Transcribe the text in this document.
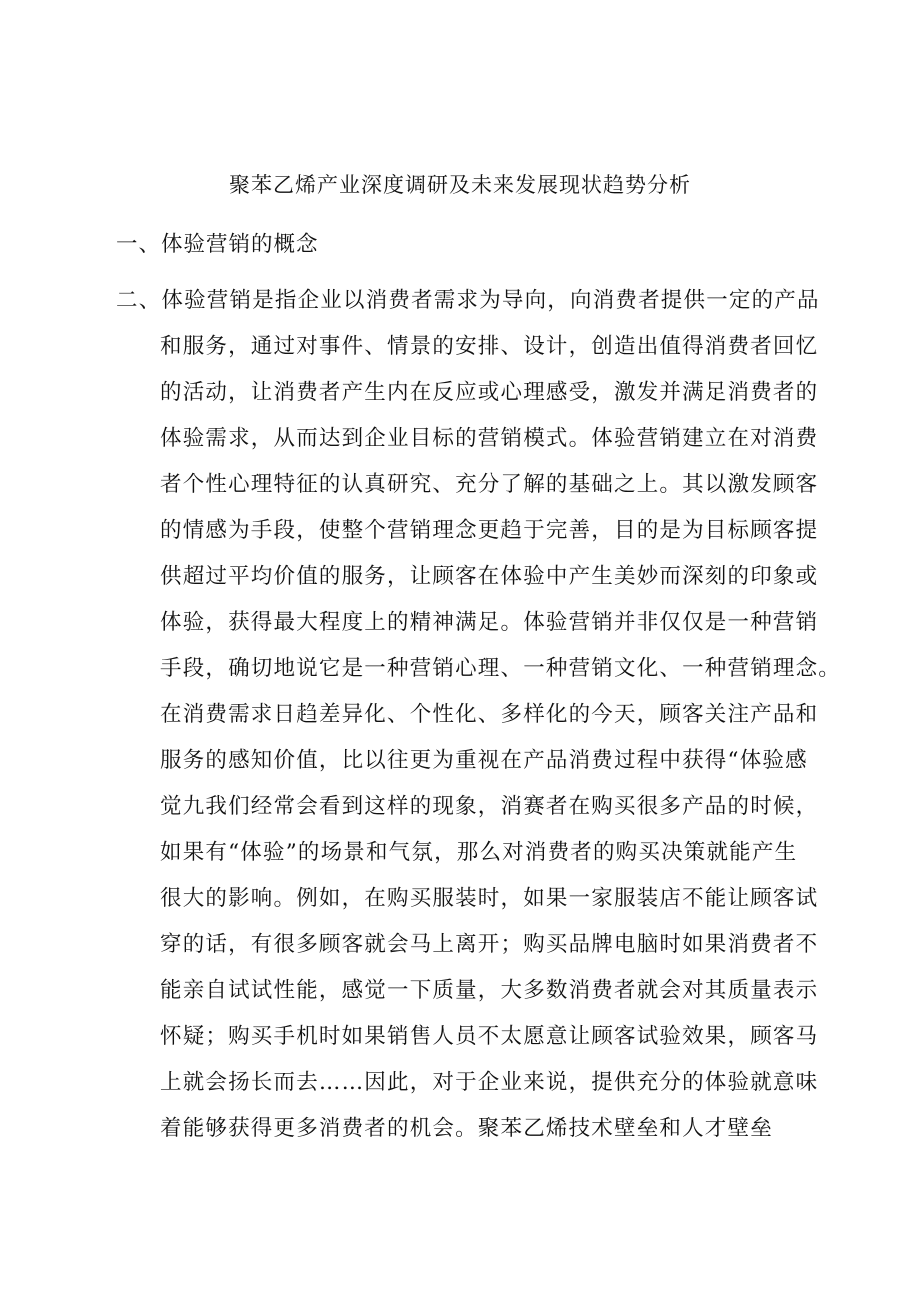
聚苯乙烯产业深度调研及未来发展现状趋势分析
一、体验营销的概念
二、体验营销是指企业以消费者需求为导向，向消费者提供一定的产品
和服务，通过对事件、情景的安排、设计，创造出值得消费者回忆
的活动，让消费者产生内在反应或心理感受，激发并满足消费者的
体验需求，从而达到企业目标的营销模式。体验营销建立在对消费
者个性心理特征的认真研究、充分了解的基础之上。其以激发顾客
的情感为手段，使整个营销理念更趋于完善，目的是为目标顾客提
供超过平均价值的服务，让顾客在体验中产生美妙而深刻的印象或
体验，获得最大程度上的精神满足。体验营销并非仅仅是一种营销
手段，确切地说它是一种营销心理、一种营销文化、一种营销理念。
在消费需求日趋差异化、个性化、多样化的今天，顾客关注产品和
服务的感知价值，比以往更为重视在产品消费过程中获得“体验感
觉九我们经常会看到这样的现象，消赛者在购买很多产品的时候，
如果有“体验”的场景和气氛，那么对消费者的购买决策就能产生
很大的影响。例如，在购买服装时，如果一家服装店不能让顾客试
穿的话，有很多顾客就会马上离开；购买品牌电脑时如果消费者不
能亲自试试性能，感觉一下质量，大多数消费者就会对其质量表示
怀疑；购买手机时如果销售人员不太愿意让顾客试验效果，顾客马
上就会扬长而去……因此，对于企业来说，提供充分的体验就意味
着能够获得更多消费者的机会。聚苯乙烯技术壁垒和人才壁垒
